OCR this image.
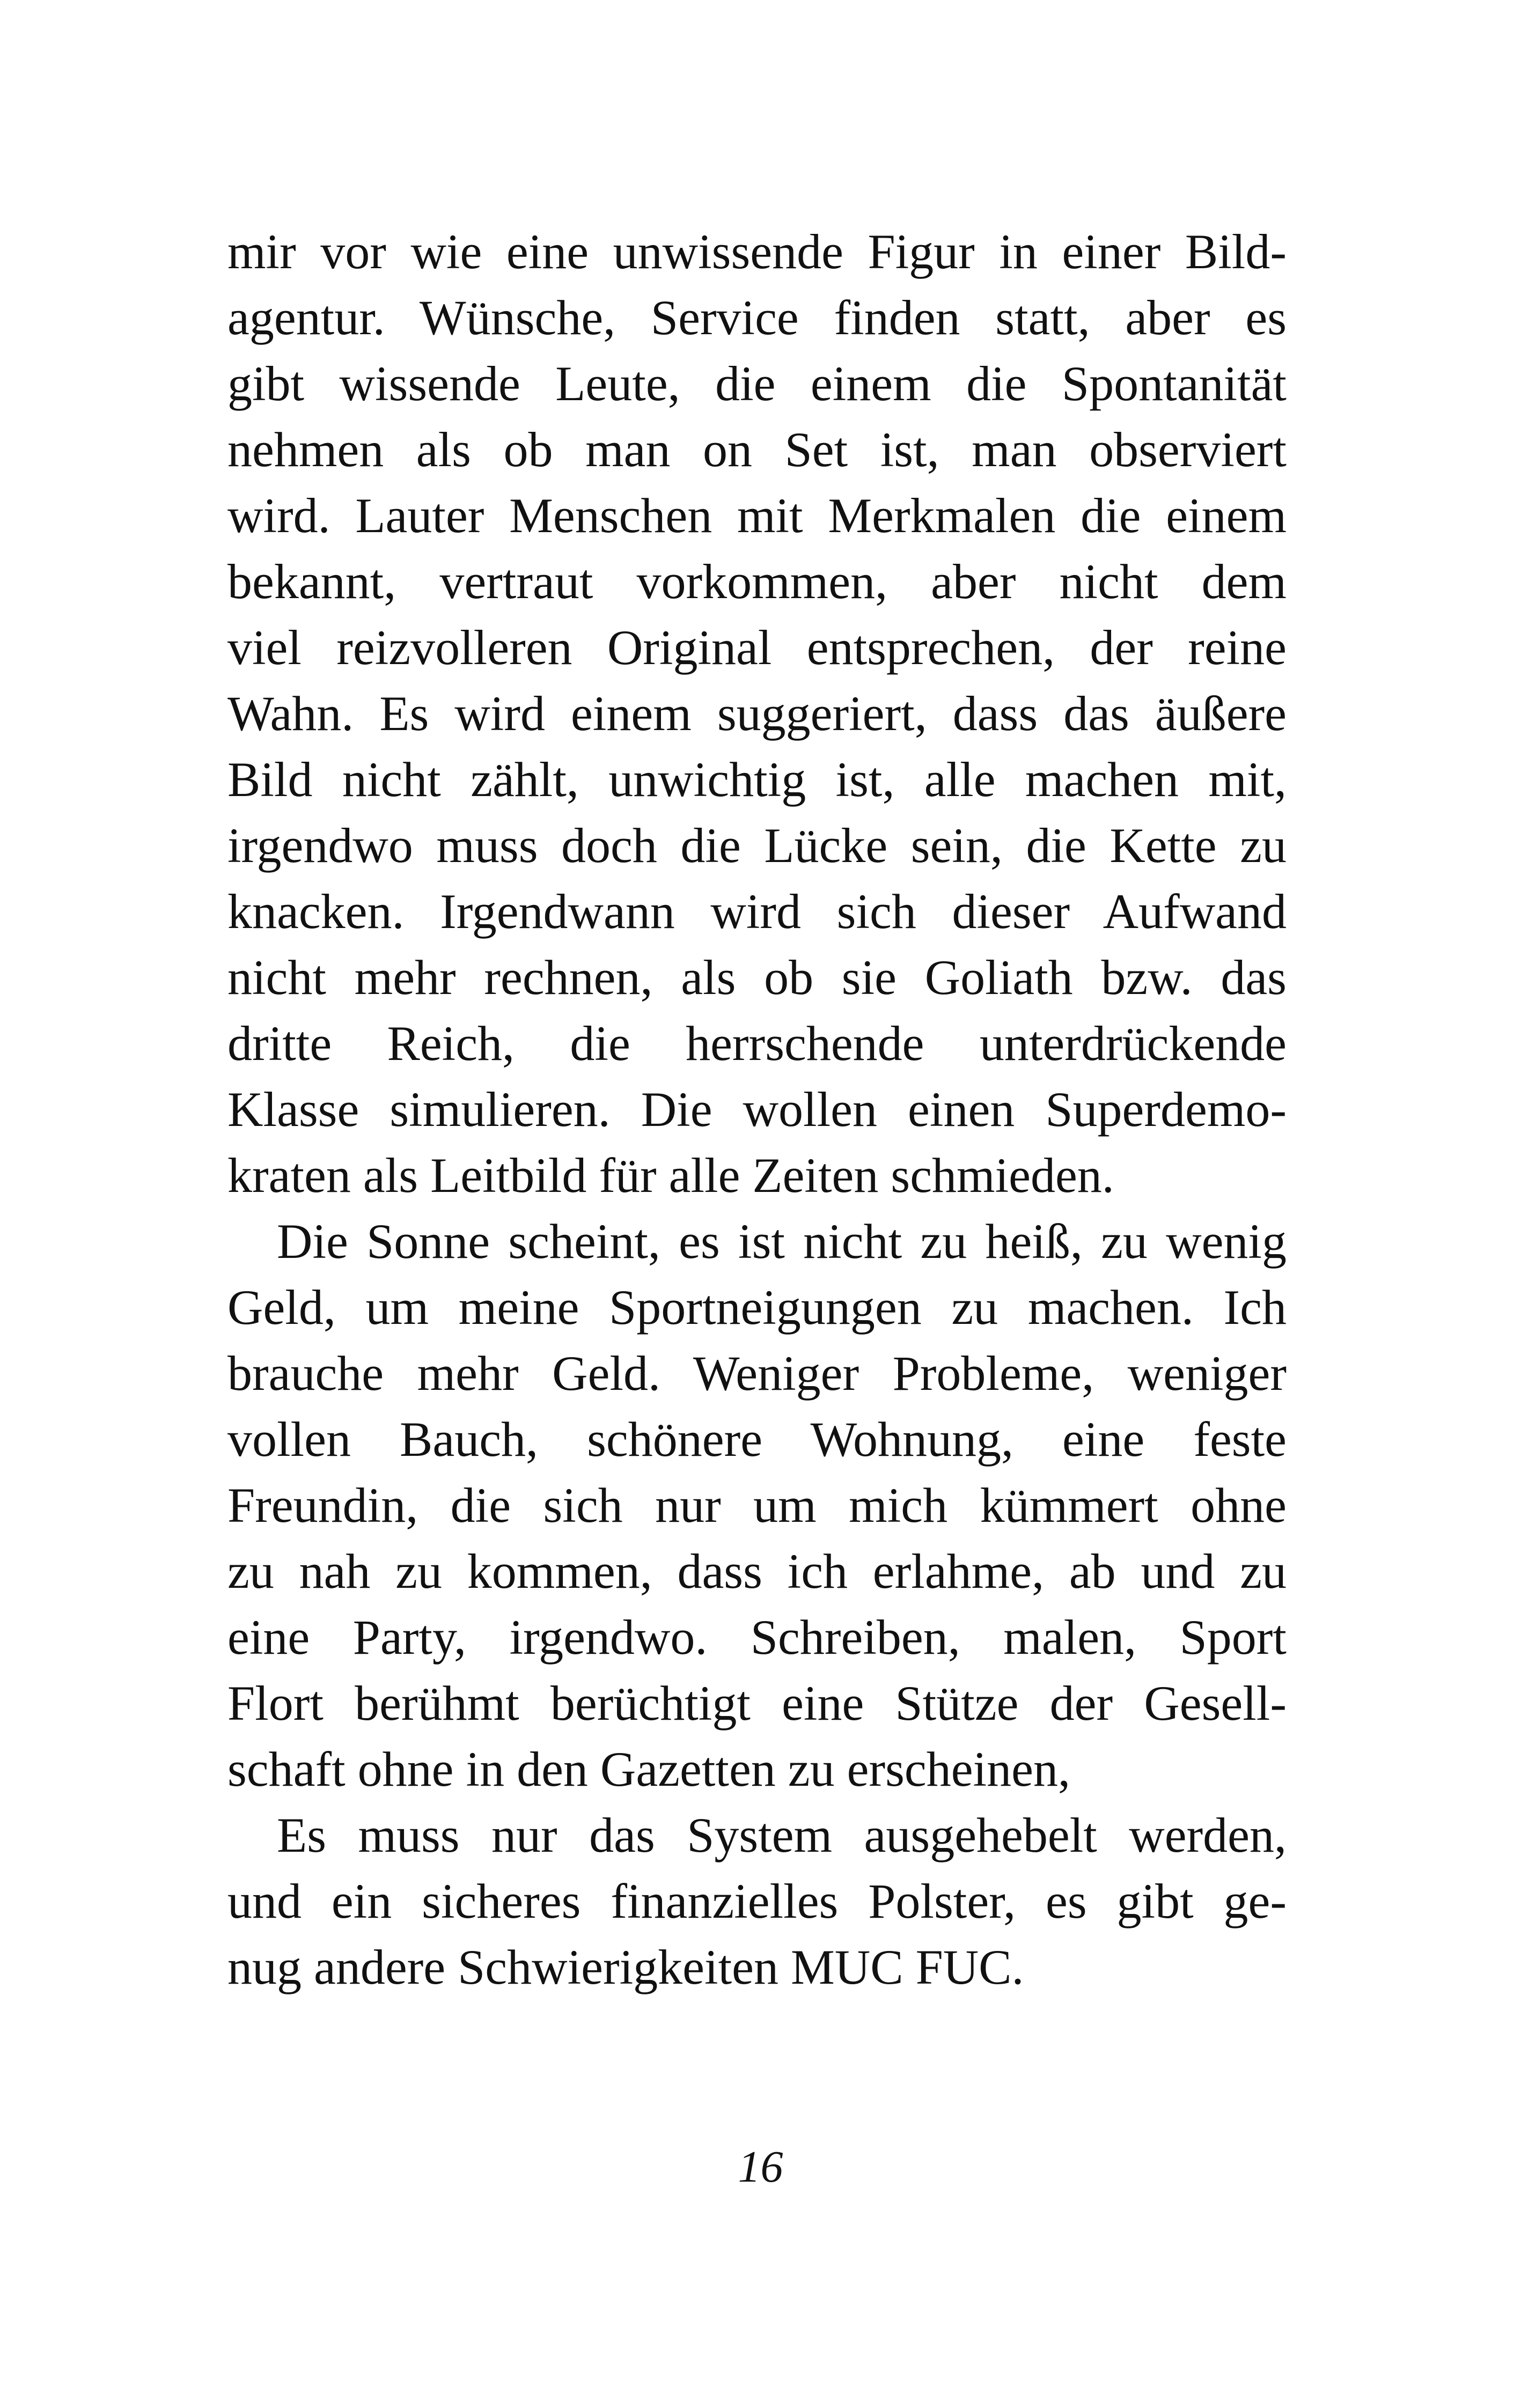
mir vor wie eine unwissende Figur in einer Bild-
agentur. Wünsche, Service finden statt, aber es
gibt wissende Leute, die einem die Spontanität
nehmen als ob man on Set ist, man observiert
wird. Lauter Menschen mit Merkmalen die einem
bekannt, vertraut vorkommen, aber nicht dem
viel reizvolleren Original entsprechen, der reine
Wahn. Es wird einem suggeriert, dass das äußere
Bild nicht zählt, unwichtig ist, alle machen mit,
irgendwo muss doch die Lücke sein, die Kette zu
knacken. Irgendwann wird sich dieser Aufwand
nicht mehr rechnen, als ob sie Goliath bzw. das
dritte Reich, die herrschende unterdrückende
Klasse simulieren. Die wollen einen Superdemo-
kraten als Leitbild für alle Zeiten schmieden.
Die Sonne scheint, es ist nicht zu heiß, zu wenig
Geld, um meine Sportneigungen zu machen. Ich
brauche mehr Geld. Weniger Probleme, weniger
vollen Bauch, schönere Wohnung, eine feste
Freundin, die sich nur um mich kümmert ohne
zu nah zu kommen, dass ich erlahme, ab und zu
eine Party, irgendwo. Schreiben, malen, Sport
Flort berühmt berüchtigt eine Stütze der Gesell-
schaft ohne in den Gazetten zu erscheinen,
Es muss nur das System ausgehebelt werden,
und ein sicheres finanzielles Polster, es gibt ge-
nug andere Schwierigkeiten MUC FUC.
16
